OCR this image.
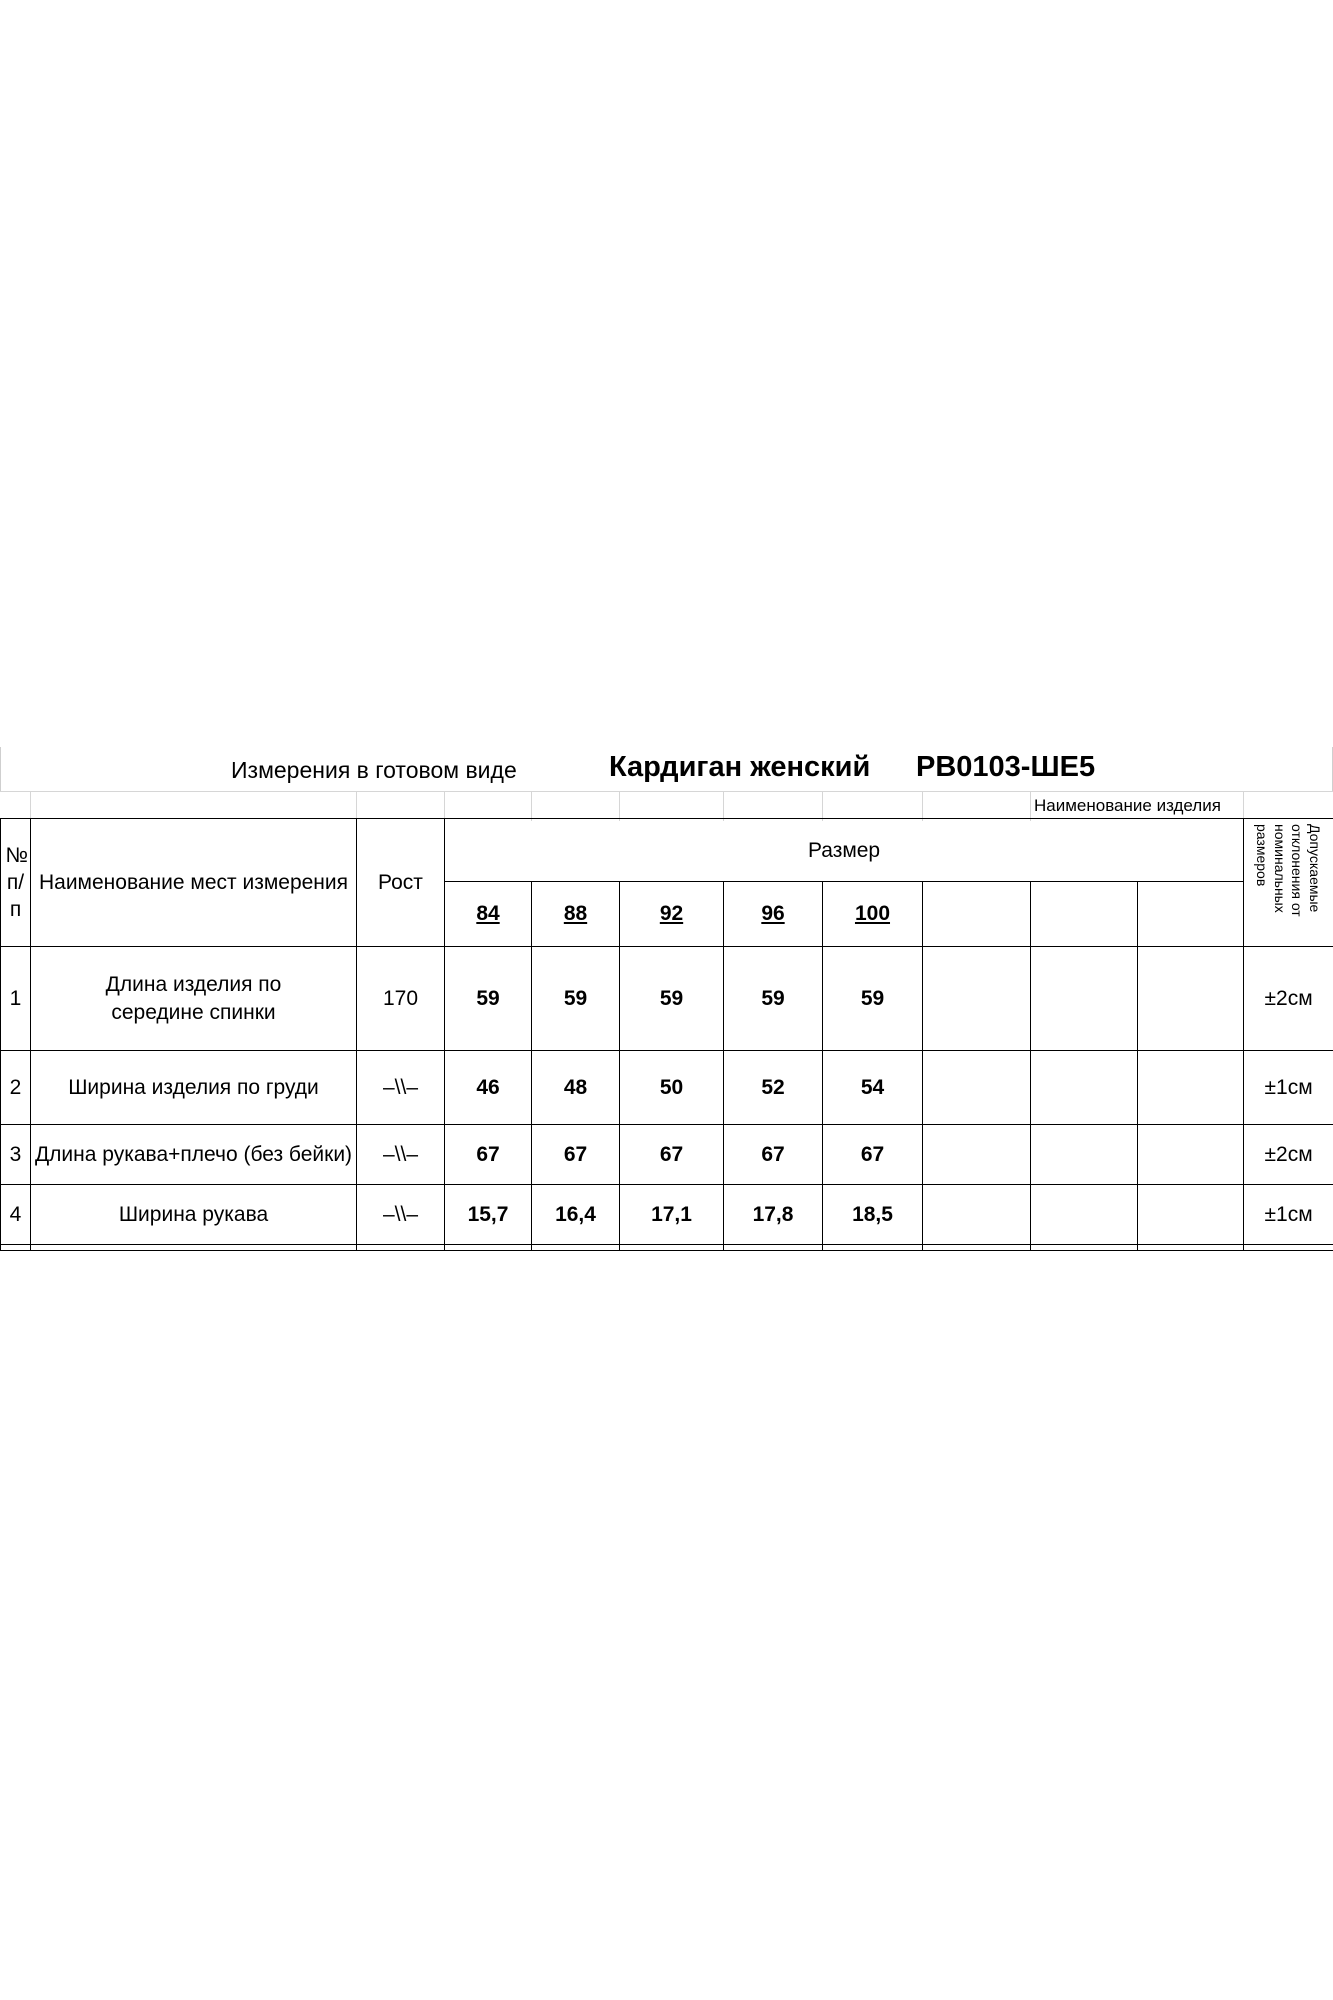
Измерения в готовом виде	Кардиган женский РВ0103-ШЕ5
Наименование изделия
№ п/п	Наименование мест измерения	Рост	Размер								Допускаемые отклонения от номинальных размеров

			84	88	92	96	100				
1	Длина изделия по середине спинки	170	59	59	59	59	59				±2см
2	Ширина изделия по груди	–\\–	46	48	50	52	54				±1см
3	Длина рукава+плечо (без бейки)	–\\–	67	67	67	67	67				±2см
4	Ширина рукава	–\\–	15,7	16,4	17,1	17,8	18,5				±1см
